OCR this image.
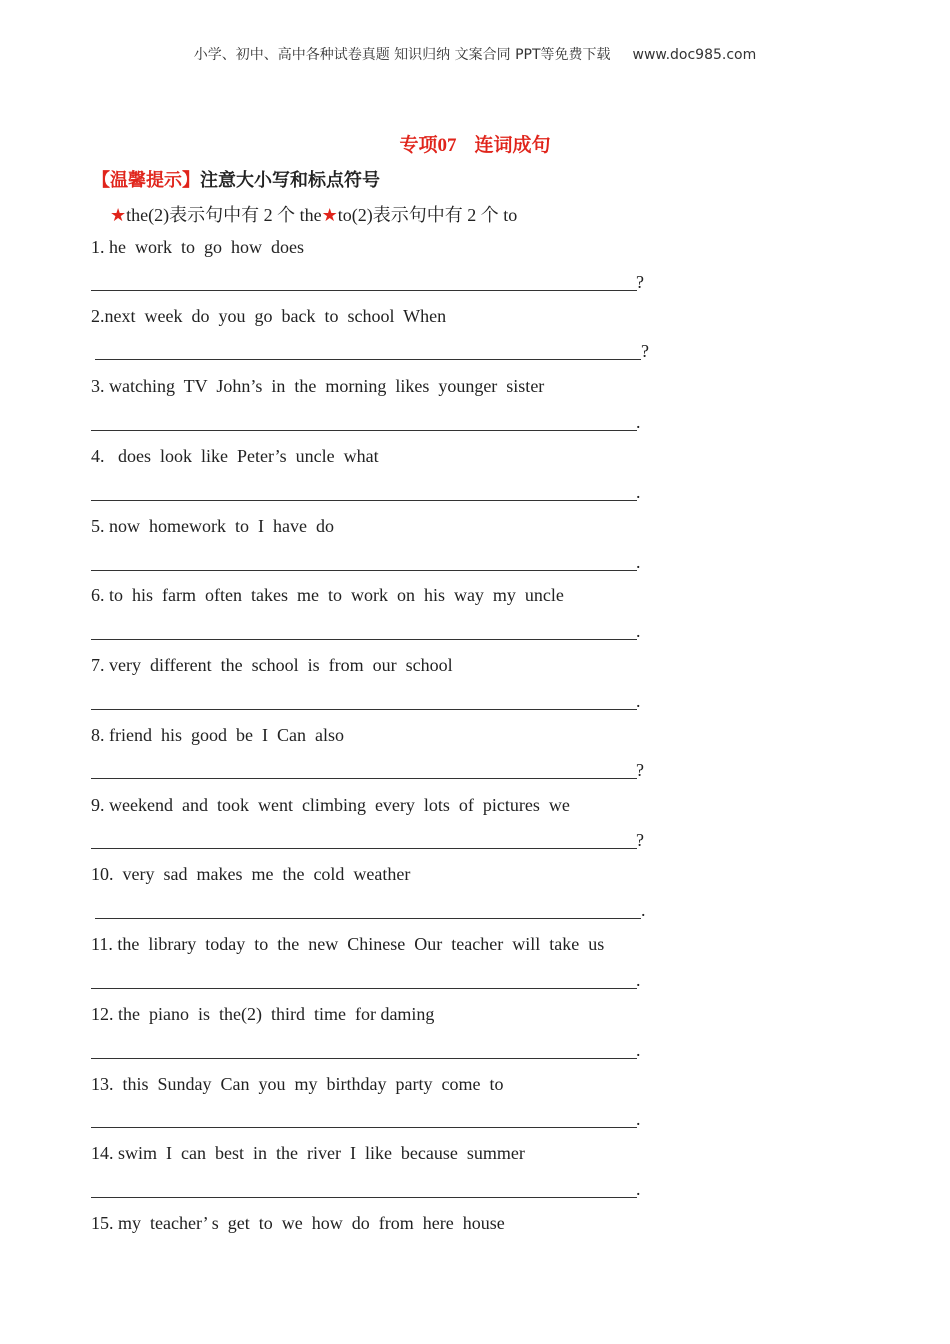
小学、初中、高中各种试卷真题 知识归纳 文案合同 PPT等免费下载 www.doc985.com
专项07 连词成句
【温馨提示】注意大小写和标点符号
★the(2)表示句中有 2 个 the★to(2)表示句中有 2 个 to
1. he  work  to  go  how  does
?
2.next  week  do  you  go  back  to  school  When
?
3. watching  TV  John’s  in  the  morning  likes  younger  sister
.
4.   does  look  like  Peter’s  uncle  what
.
5. now  homework  to  I  have  do
.
6. to  his  farm  often  takes  me  to  work  on  his  way  my  uncle
.
7. very  different  the  school  is  from  our  school
.
8. friend  his  good  be  I  Can  also
?
9. weekend  and  took  went  climbing  every  lots  of  pictures  we
?
10.  very  sad  makes  me  the  cold  weather
.
11. the  library  today  to  the  new  Chinese  Our  teacher  will  take  us
.
12. the  piano  is  the(2)  third  time  for daming
.
13.  this  Sunday  Can  you  my  birthday  party  come  to
.
14. swim  I  can  best  in  the  river  I  like  because  summer
.
15. my  teacher’ s  get  to  we  how  do  from  here  house
